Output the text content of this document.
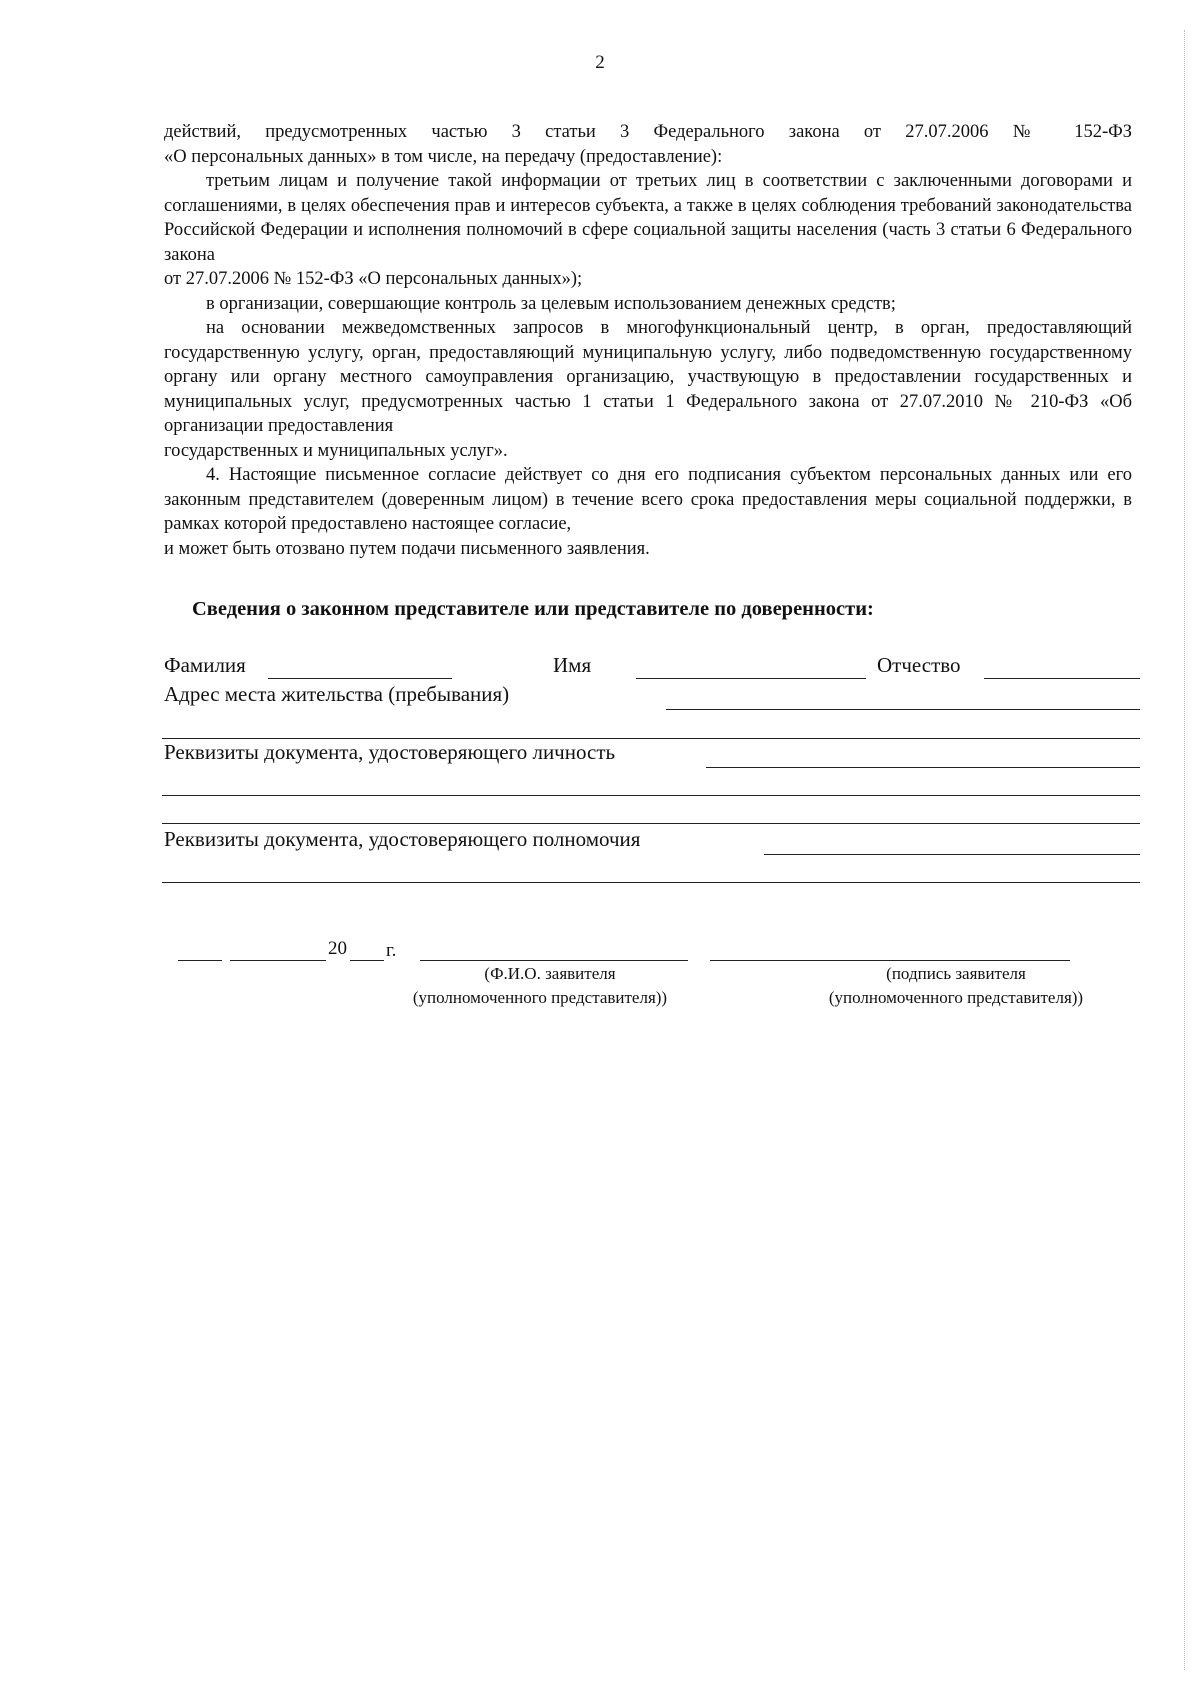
2

действий, предусмотренных частью 3 статьи 3 Федерального закона от 27.07.2006 № 152-ФЗ
«О персональных данных» в том числе, на передачу (предоставление):

третьим лицам и получение такой информации от третьих лиц в соответствии с заключенными договорами и соглашениями, в целях обеспечения прав и интересов субъекта, а также в целях соблюдения требований законодательства Российской Федерации и исполнения полномочий в сфере социальной защиты населения (часть 3 статьи 6 Федерального закона

от 27.07.2006 № 152-ФЗ «О персональных данных»);

в организации, совершающие контроль за целевым использованием денежных средств;

на основании межведомственных запросов в многофункциональный центр, в орган, предоставляющий государственную услугу, орган, предоставляющий муниципальную услугу, либо подведомственную государственному органу или органу местного самоуправления организацию, участвующую в предоставлении государственных и муниципальных услуг, предусмотренных частью 1 статьи 1 Федерального закона от 27.07.2010 № 210-ФЗ «Об организации предоставления

государственных и муниципальных услуг».

4. Настоящие письменное согласие действует со дня его подписания субъектом персональных данных или его законным представителем (доверенным лицом) в течение всего срока предоставления меры социальной поддержки, в рамках которой предоставлено настоящее согласие,

и может быть отозвано путем подачи письменного заявления.

Сведения о законном представителе или представителе по доверенности:
Фамилия	Имя	Отчество
Адрес места жительства (пребывания)
Реквизиты документа, удостоверяющего личность
Реквизиты документа, удостоверяющего полномочия
20 г.
(Ф.И.О. заявителя
(уполномоченного представителя))
(подпись заявителя
(уполномоченного представителя))
